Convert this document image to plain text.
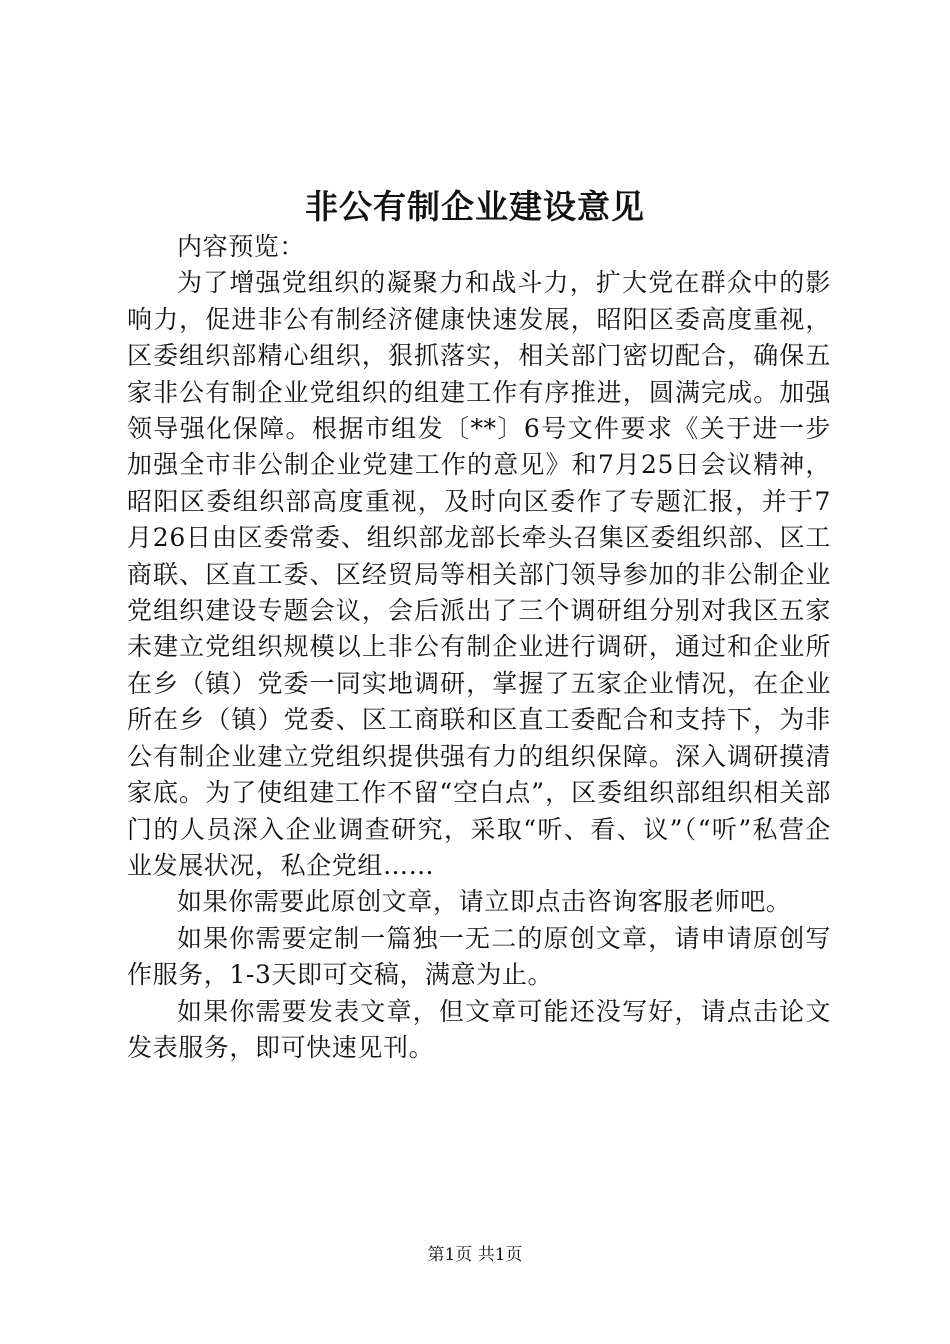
非公有制企业建设意见

内容预览：

为了增强党组织的凝聚力和战斗力，扩大党在群众中的影响力，促进非公有制经济健康快速发展，昭阳区委高度重视，区委组织部精心组织，狠抓落实，相关部门密切配合，确保五家非公有制企业党组织的组建工作有序推进，圆满完成。加强领导强化保障。根据市组发〔**〕6号文件要求《关于进一步加强全市非公制企业党建工作的意见》和7月25日会议精神，昭阳区委组织部高度重视，及时向区委作了专题汇报，并于7月26日由区委常委、组织部龙部长牵头召集区委组织部、区工商联、区直工委、区经贸局等相关部门领导参加的非公制企业党组织建设专题会议，会后派出了三个调研组分别对我区五家未建立党组织规模以上非公有制企业进行调研，通过和企业所在乡（镇）党委一同实地调研，掌握了五家企业情况，在企业所在乡（镇）党委、区工商联和区直工委配合和支持下，为非公有制企业建立党组织提供强有力的组织保障。深入调研摸清家底。为了使组建工作不留“空白点”，区委组织部组织相关部门的人员深入企业调查研究，采取“听、看、议”（“听”私营企业发展状况，私企党组……

如果你需要此原创文章，请立即点击咨询客服老师吧。

如果你需要定制一篇独一无二的原创文章，请申请原创写作服务，1-3天即可交稿，满意为止。

如果你需要发表文章，但文章可能还没写好，请点击论文发表服务，即可快速见刊。

第1页 共1页
